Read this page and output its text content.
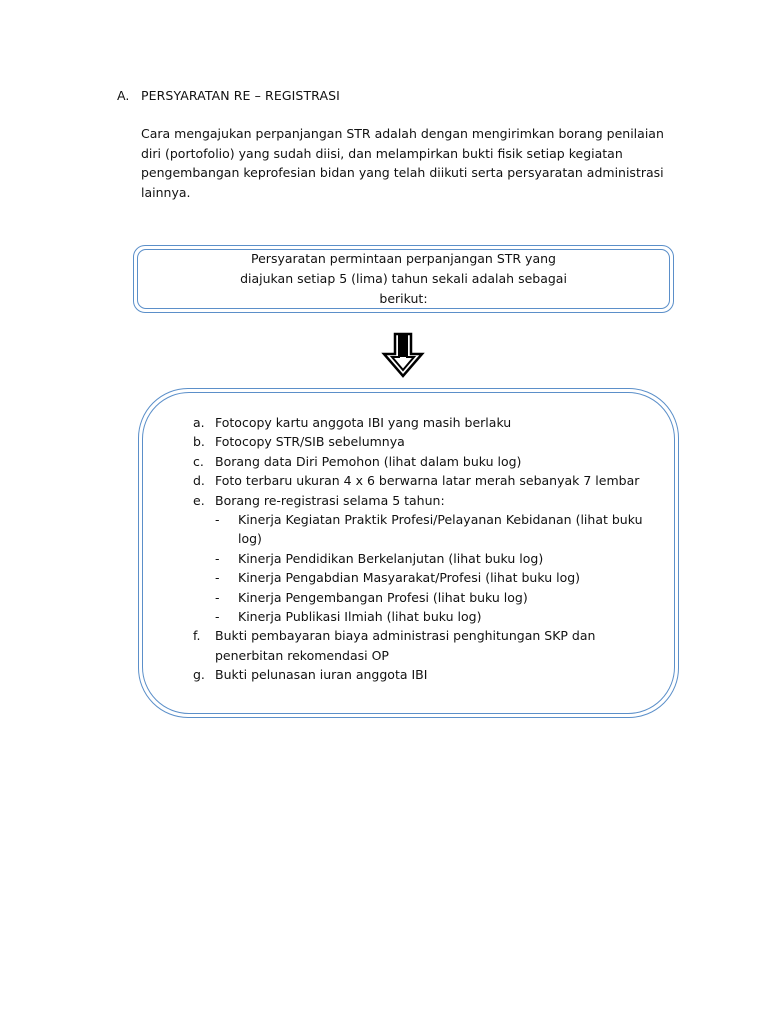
A. PERSYARATAN RE – REGISTRASI

Cara mengajukan perpanjangan STR adalah dengan mengirimkan borang penilaian diri (portofolio) yang sudah diisi, dan melampirkan bukti fisik setiap kegiatan pengembangan keprofesian bidan yang telah diikuti serta persyaratan administrasi lainnya.

Persyaratan permintaan perpanjangan STR yang diajukan setiap 5 (lima) tahun sekali adalah sebagai berikut:
a. Fotocopy kartu anggota IBI yang masih berlaku
b. Fotocopy STR/SIB sebelumnya
c. Borang data Diri Pemohon (lihat dalam buku log)
d. Foto terbaru ukuran 4 x 6 berwarna latar merah sebanyak 7 lembar
e. Borang re-registrasi selama 5 tahun:
-	Kinerja Kegiatan Praktik Profesi/Pelayanan Kebidanan (lihat buku log)
-	Kinerja Pendidikan Berkelanjutan (lihat buku log)
-	Kinerja Pengabdian Masyarakat/Profesi (lihat buku log)
-	Kinerja Pengembangan Profesi (lihat buku log)
-	Kinerja Publikasi Ilmiah (lihat buku log)
f.	Bukti pembayaran biaya administrasi penghitungan SKP dan penerbitan rekomendasi OP
g. Bukti pelunasan iuran anggota IBI
